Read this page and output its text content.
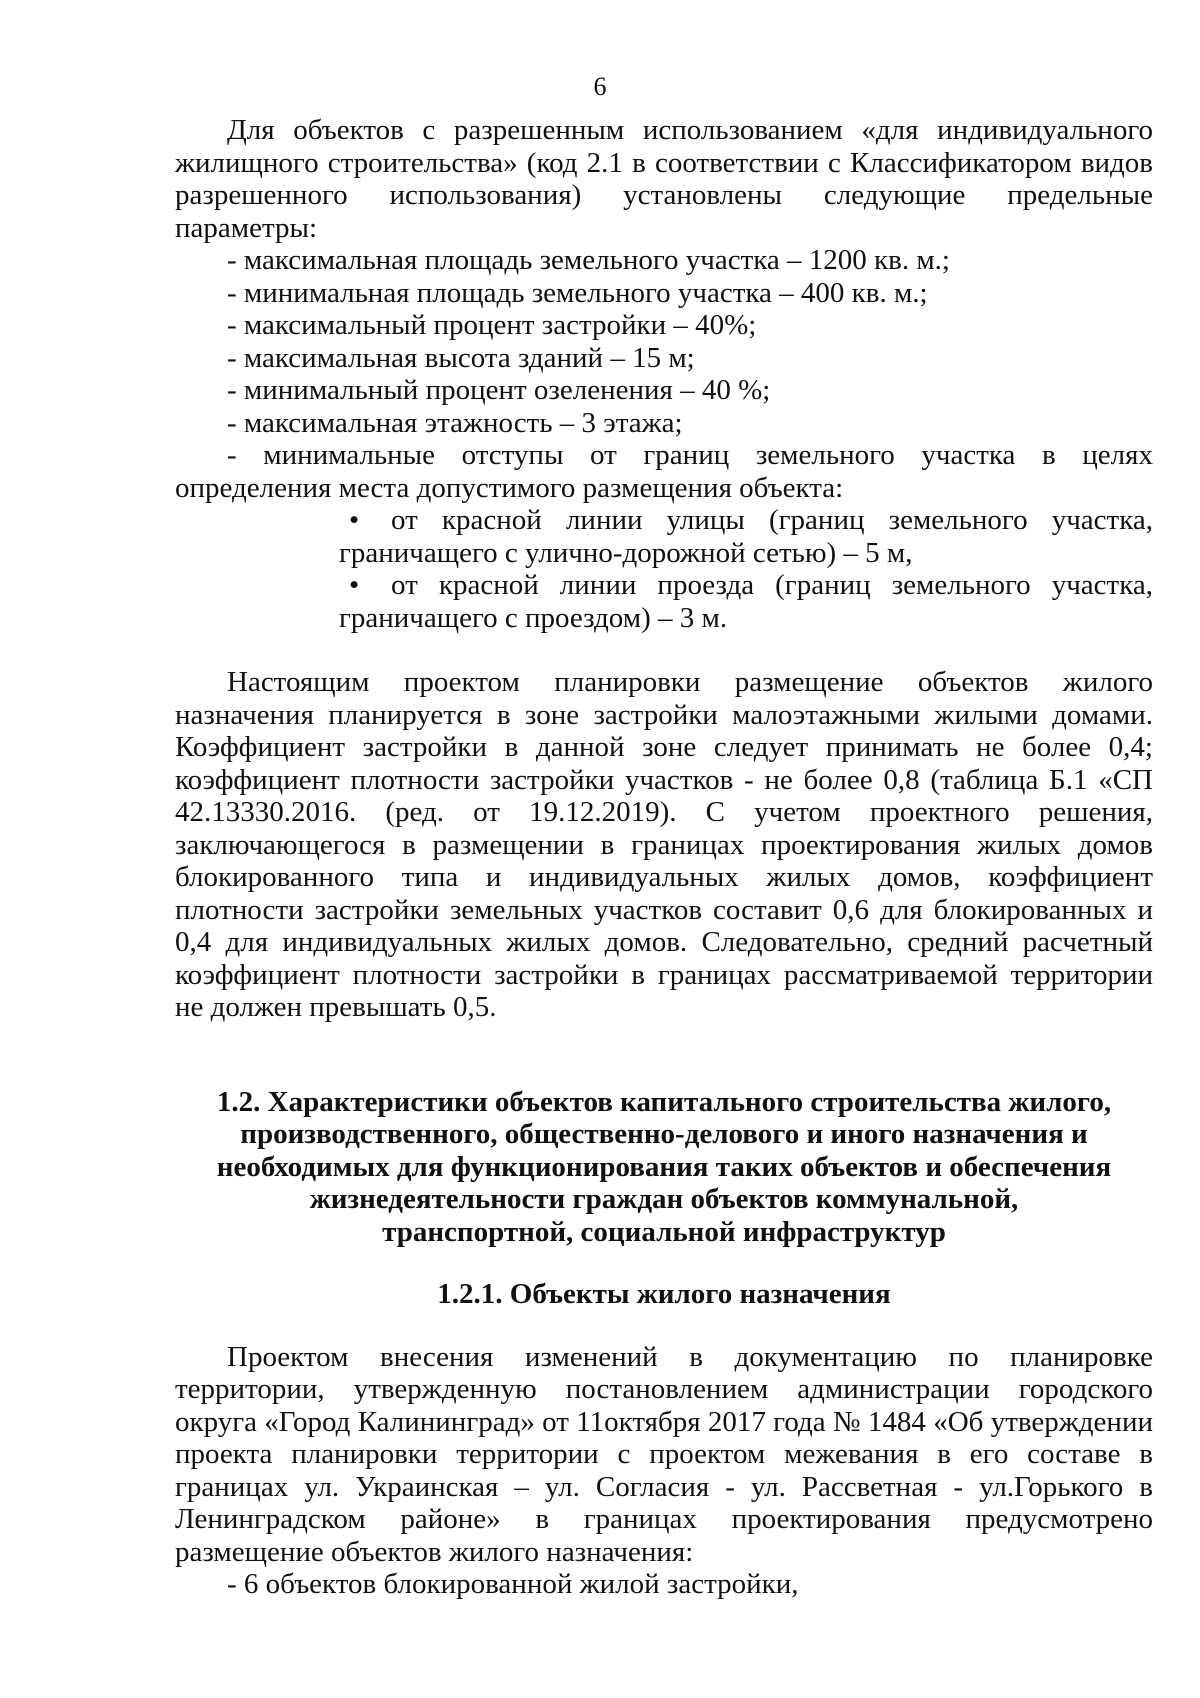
6

Для объектов с разрешенным использованием «для индивидуального жилищного строительства» (код 2.1 в соответствии с Классификатором видов разрешенного использования) установлены следующие предельные параметры:

- максимальная площадь земельного участка – 1200 кв. м.;

- минимальная площадь земельного участка – 400 кв. м.;

- максимальный процент застройки – 40%;

- максимальная высота зданий – 15 м;

- минимальный процент озеленения – 40 %;

- максимальная этажность – 3 этажа;

- минимальные отступы от границ земельного участка в целях определения места допустимого размещения объекта:

•	от красной линии улицы (границ земельного участка, граничащего с улично-дорожной сетью) – 5 м,
•	от красной линии проезда (границ земельного участка, граничащего с проездом) – 3 м.

Настоящим проектом планировки размещение объектов жилого назначения планируется в зоне застройки малоэтажными жилыми домами. Коэффициент застройки в данной зоне следует принимать не более 0,4; коэффициент плотности застройки участков - не более 0,8 (таблица Б.1 «СП 42.13330.2016. (ред. от 19.12.2019). С учетом проектного решения, заключающегося в размещении в границах проектирования жилых домов блокированного типа и индивидуальных жилых домов, коэффициент плотности застройки земельных участков составит 0,6 для блокированных и 0,4 для индивидуальных жилых домов. Следовательно, средний расчетный коэффициент плотности застройки в границах рассматриваемой территории не должен превышать 0,5.

1.2. Характеристики объектов капитального строительства жилого, производственного, общественно-делового и иного назначения и необходимых для функционирования таких объектов и обеспечения жизнедеятельности граждан объектов коммунальной, транспортной, социальной инфраструктур

1.2.1. Объекты жилого назначения

Проектом внесения изменений в документацию по планировке территории, утвержденную постановлением администрации городского округа «Город Калининград» от 11октября 2017 года № 1484 «Об утверждении проекта планировки территории с проектом межевания в его составе в границах ул. Украинская – ул. Согласия - ул. Рассветная - ул.Горького в Ленинградском районе» в границах проектирования предусмотрено размещение объектов жилого назначения:

- 6 объектов блокированной жилой застройки,
